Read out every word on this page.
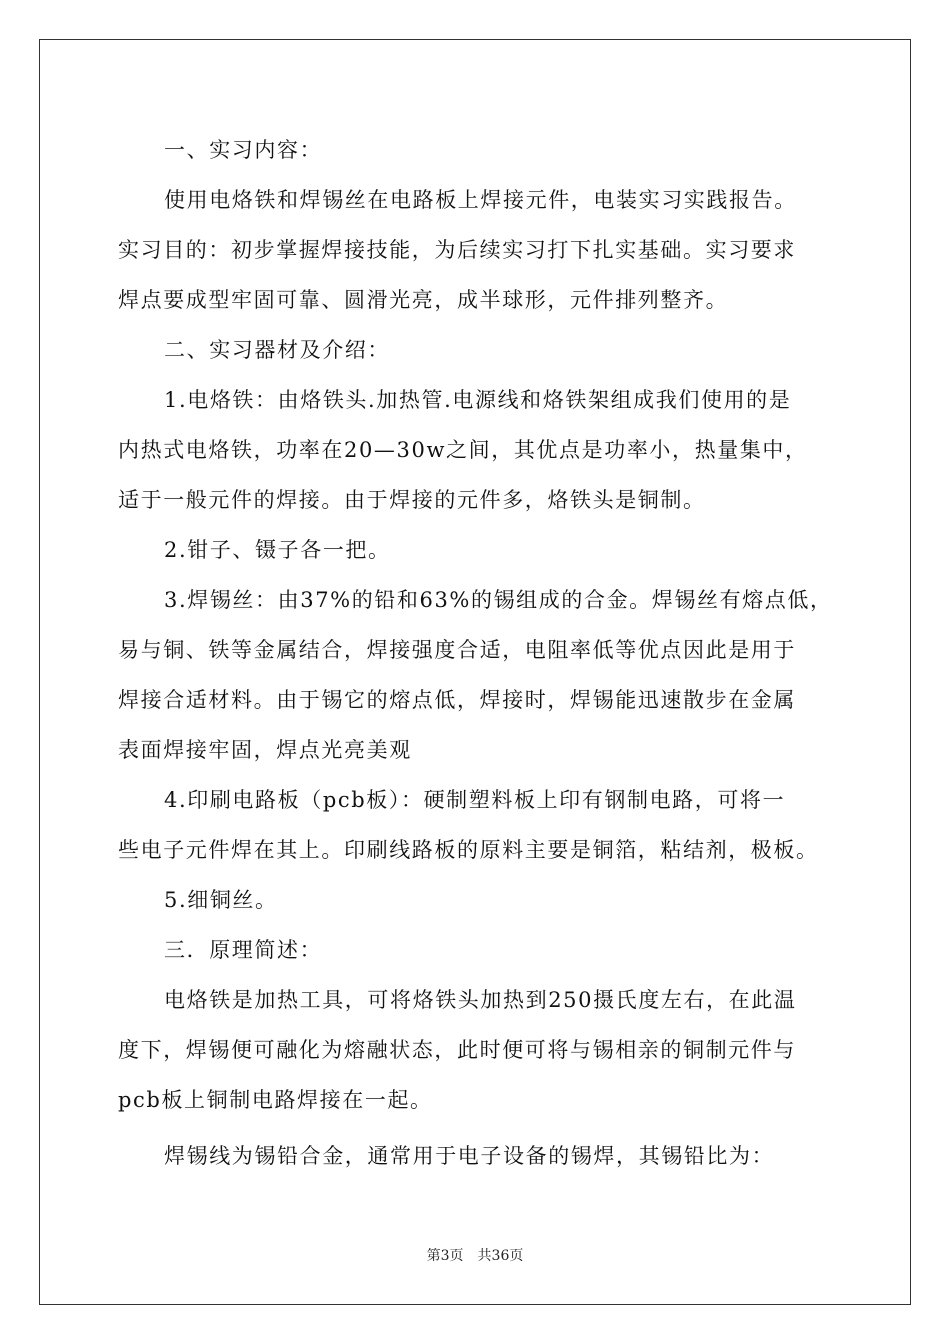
一、实习内容：
使用电烙铁和焊锡丝在电路板上焊接元件，电装实习实践报告。
实习目的：初步掌握焊接技能，为后续实习打下扎实基础。实习要求
焊点要成型牢固可靠、圆滑光亮，成半球形，元件排列整齐。
二、实习器材及介绍：
1.电烙铁：由烙铁头.加热管.电源线和烙铁架组成我们使用的是
内热式电烙铁，功率在20—30w之间，其优点是功率小，热量集中，
适于一般元件的焊接。由于焊接的元件多，烙铁头是铜制。
2.钳子、镊子各一把。
3.焊锡丝：由37%的铅和63%的锡组成的合金。焊锡丝有熔点低，
易与铜、铁等金属结合，焊接强度合适，电阻率低等优点因此是用于
焊接合适材料。由于锡它的熔点低，焊接时，焊锡能迅速散步在金属
表面焊接牢固，焊点光亮美观
4.印刷电路板（pcb板）：硬制塑料板上印有钢制电路，可将一
些电子元件焊在其上。印刷线路板的原料主要是铜箔，粘结剂，极板。
5.细铜丝。
三．原理简述：
电烙铁是加热工具，可将烙铁头加热到250摄氏度左右，在此温
度下，焊锡便可融化为熔融状态，此时便可将与锡相亲的铜制元件与
pcb板上铜制电路焊接在一起。
焊锡线为锡铅合金，通常用于电子设备的锡焊，其锡铅比为：
第3页 共36页
